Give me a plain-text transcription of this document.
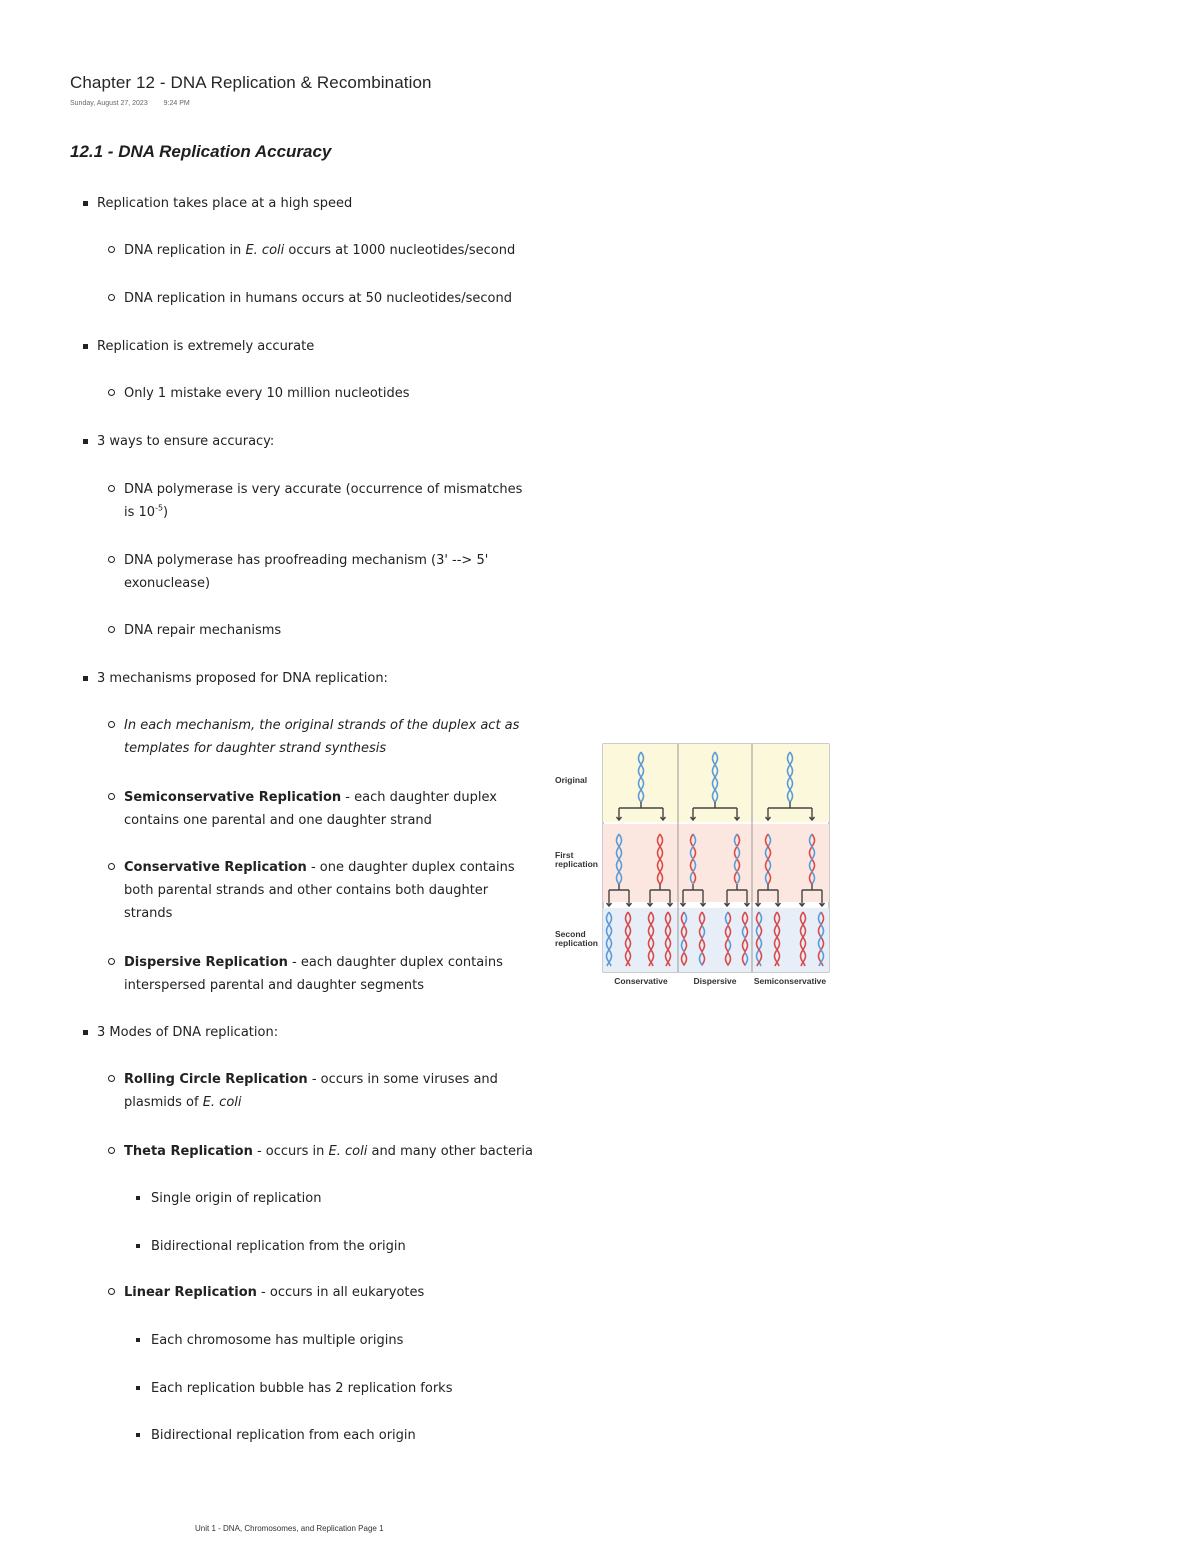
Chapter 12 - DNA Replication & Recombination
Sunday, August 27, 2023 9:24 PM
12.1 - DNA Replication Accuracy
Replication takes place at a high speed
DNA replication in E. coli occurs at 1000 nucleotides/second
DNA replication in humans occurs at 50 nucleotides/second
Replication is extremely accurate
Only 1 mistake every 10 million nucleotides
3 ways to ensure accuracy:
DNA polymerase is very accurate (occurrence of mismatches
is $10^{-5}$)
DNA polymerase has proofreading mechanism (3' --> 5'
exonuclease)
DNA repair mechanisms
3 mechanisms proposed for DNA replication:
In each mechanism, the original strands of the duplex act as
templates for daughter strand synthesis
Semiconservative Replication - each daughter duplex
contains one parental and one daughter strand
Conservative Replication - one daughter duplex contains
both parental strands and other contains both daughter
strands
Dispersive Replication - each daughter duplex contains
interspersed parental and daughter segments
3 Modes of DNA replication:
Rolling Circle Replication - occurs in some viruses and
plasmids of E. coli
Theta Replication - occurs in E. coli and many other bacteria
Single origin of replication
Bidirectional replication from the origin
Linear Replication - occurs in all eukaryotes
Each chromosome has multiple origins
Each replication bubble has 2 replication forks
Bidirectional replication from each origin
Original
First
replication
Second
replication
Conservative	Dispersive Semiconservative
Unit 1 - DNA, Chromosomes, and Replication Page 1
